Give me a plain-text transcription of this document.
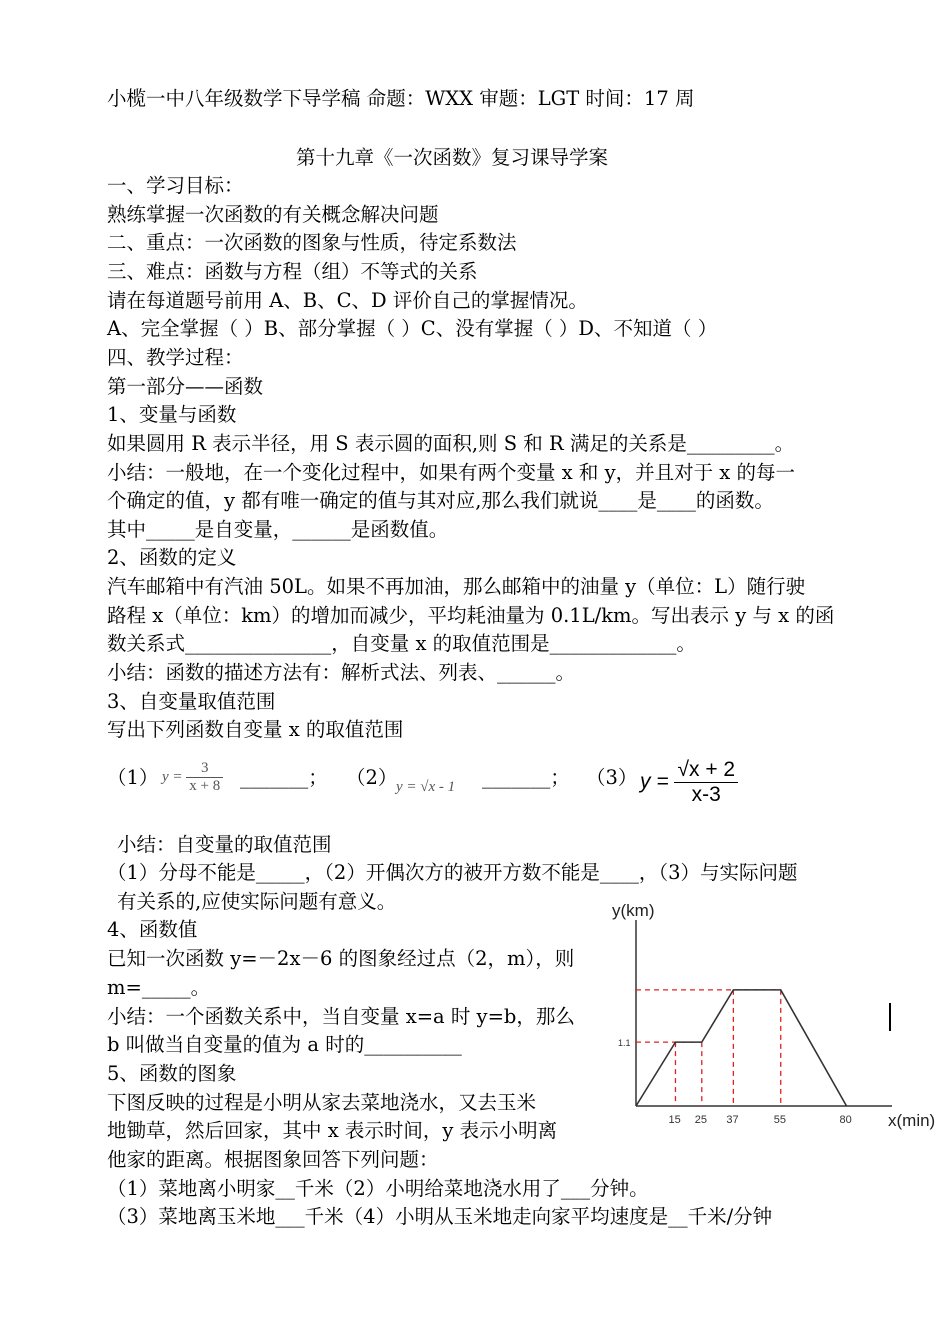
小榄一中八年级数学下导学稿 命题：WXX 审题：LGT 时间：17 周
第十九章《一次函数》复习课导学案
一、学习目标：
熟练掌握一次函数的有关概念解决问题
二、重点：一次函数的图象与性质，待定系数法
三、难点：函数与方程（组）不等式的关系
请在每道题号前用 A、B、C、D 评价自己的掌握情况。
A、完全掌握（ ）B、部分掌握（ ）C、没有掌握（ ）D、不知道（ ）
四、教学过程：
第一部分——函数
1、变量与函数
如果圆用 R 表示半径，用 S 表示圆的面积,则 S 和 R 满足的关系是_________。
小结：一般地，在一个变化过程中，如果有两个变量 x 和 y，并且对于 x 的每一
个确定的值，y 都有唯一确定的值与其对应,那么我们就说____是____的函数。
其中_____是自变量，______是函数值。
2、函数的定义
汽车邮箱中有汽油 50L。如果不再加油，那么邮箱中的油量 y（单位：L）随行驶
路程 x（单位：km）的增加而减少，平均耗油量为 0.1L/km。写出表示 y 与 x 的函
数关系式_______________，自变量 x 的取值范围是_____________。
小结：函数的描述方法有：解析式法、列表、______。
3、自变量取值范围
写出下列函数自变量 x 的取值范围
（1） $y = \frac{3}{x + 8}$ _______； （2）
y = √x - 1 _______； （3） $y = \frac{√x + 2}{x-3}$
小结：自变量的取值范围
（1）分母不能是_____，（2）开偶次方的被开方数不能是____，（3）与实际问题
有关系的,应使实际问题有意义。
4、函数值
已知一次函数 y=－2x－6 的图象经过点（2，m），则
m=_____。
小结：一个函数关系中，当自变量 x=a 时 y=b，那么
b 叫做当自变量的值为 a 时的__________
5、函数的图象
下图反映的过程是小明从家去菜地浇水，又去玉米
地锄草，然后回家，其中 x 表示时间，y 表示小明离
他家的距离。根据图象回答下列问题：
（1）菜地离小明家__千米（2）小明给菜地浇水用了___分钟。
（3）菜地离玉米地___千米（4）小明从玉米地走向家平均速度是__千米/分钟
y(km)
x(min)
1.1
15 25 37	55	80
